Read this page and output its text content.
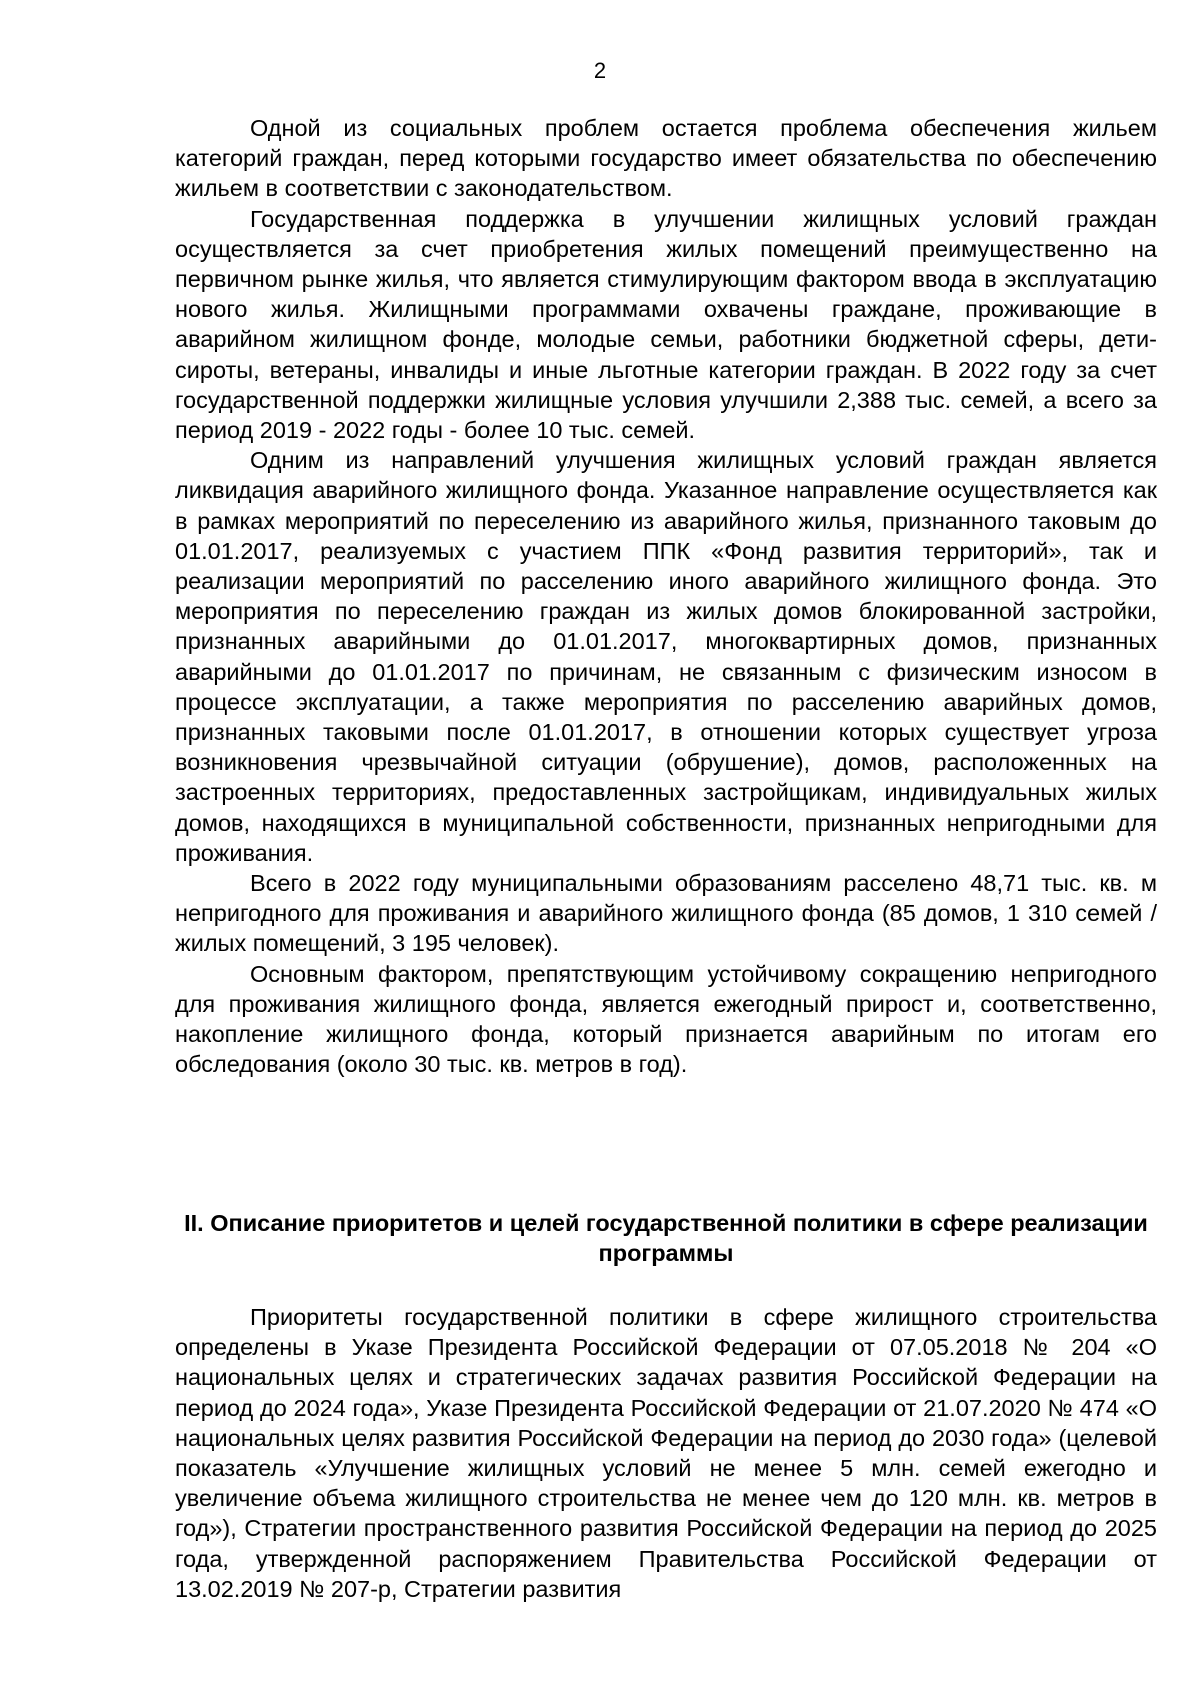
2

Одной из социальных проблем остается проблема обеспечения жильем категорий граждан, перед которыми государство имеет обязательства по обеспечению жильем в соответствии с законодательством.

Государственная поддержка в улучшении жилищных условий граждан осуществляется за счет приобретения жилых помещений преимущественно на первичном рынке жилья, что является стимулирующим фактором ввода в эксплуатацию нового жилья. Жилищными программами охвачены граждане, проживающие в аварийном жилищном фонде, молодые семьи, работники бюджетной сферы, дети-сироты, ветераны, инвалиды и иные льготные категории граждан. В 2022 году за счет государственной поддержки жилищные условия улучшили 2,388 тыс. семей, а всего за период 2019 - 2022 годы - более 10 тыс. семей.

Одним из направлений улучшения жилищных условий граждан является ликвидация аварийного жилищного фонда. Указанное направление осуществляется как в рамках мероприятий по переселению из аварийного жилья, признанного таковым до 01.01.2017, реализуемых с участием ППК «Фонд развития территорий», так и реализации мероприятий по расселению иного аварийного жилищного фонда. Это мероприятия по переселению граждан из жилых домов блокированной застройки, признанных аварийными до 01.01.2017, многоквартирных домов, признанных аварийными до 01.01.2017 по причинам, не связанным с физическим износом в процессе эксплуатации, а также мероприятия по расселению аварийных домов, признанных таковыми после 01.01.2017, в отношении которых существует угроза возникновения чрезвычайной ситуации (обрушение), домов, расположенных на застроенных территориях, предоставленных застройщикам, индивидуальных жилых домов, находящихся в муниципальной собственности, признанных непригодными для проживания.

Всего в 2022 году муниципальными образованиям расселено 48,71 тыс. кв. м непригодного для проживания и аварийного жилищного фонда (85 домов, 1 310 семей / жилых помещений, 3 195 человек).

Основным фактором, препятствующим устойчивому сокращению непригодного для проживания жилищного фонда, является ежегодный прирост и, соответственно, накопление жилищного фонда, который признается аварийным по итогам его обследования (около 30 тыс. кв. метров в год).

II. Описание приоритетов и целей государственной политики в сфере реализации программы

Приоритеты государственной политики в сфере жилищного строительства определены в Указе Президента Российской Федерации от 07.05.2018 № 204 «О национальных целях и стратегических задачах развития Российской Федерации на период до 2024 года», Указе Президента Российской Федерации от 21.07.2020 № 474 «О национальных целях развития Российской Федерации на период до 2030 года» (целевой показатель «Улучшение жилищных условий не менее 5 млн. семей ежегодно и увеличение объема жилищного строительства не менее чем до 120 млн. кв. метров в год»), Стратегии пространственного развития Российской Федерации на период до 2025 года, утвержденной распоряжением Правительства Российской Федерации от 13.02.2019 № 207-р, Стратегии развития
